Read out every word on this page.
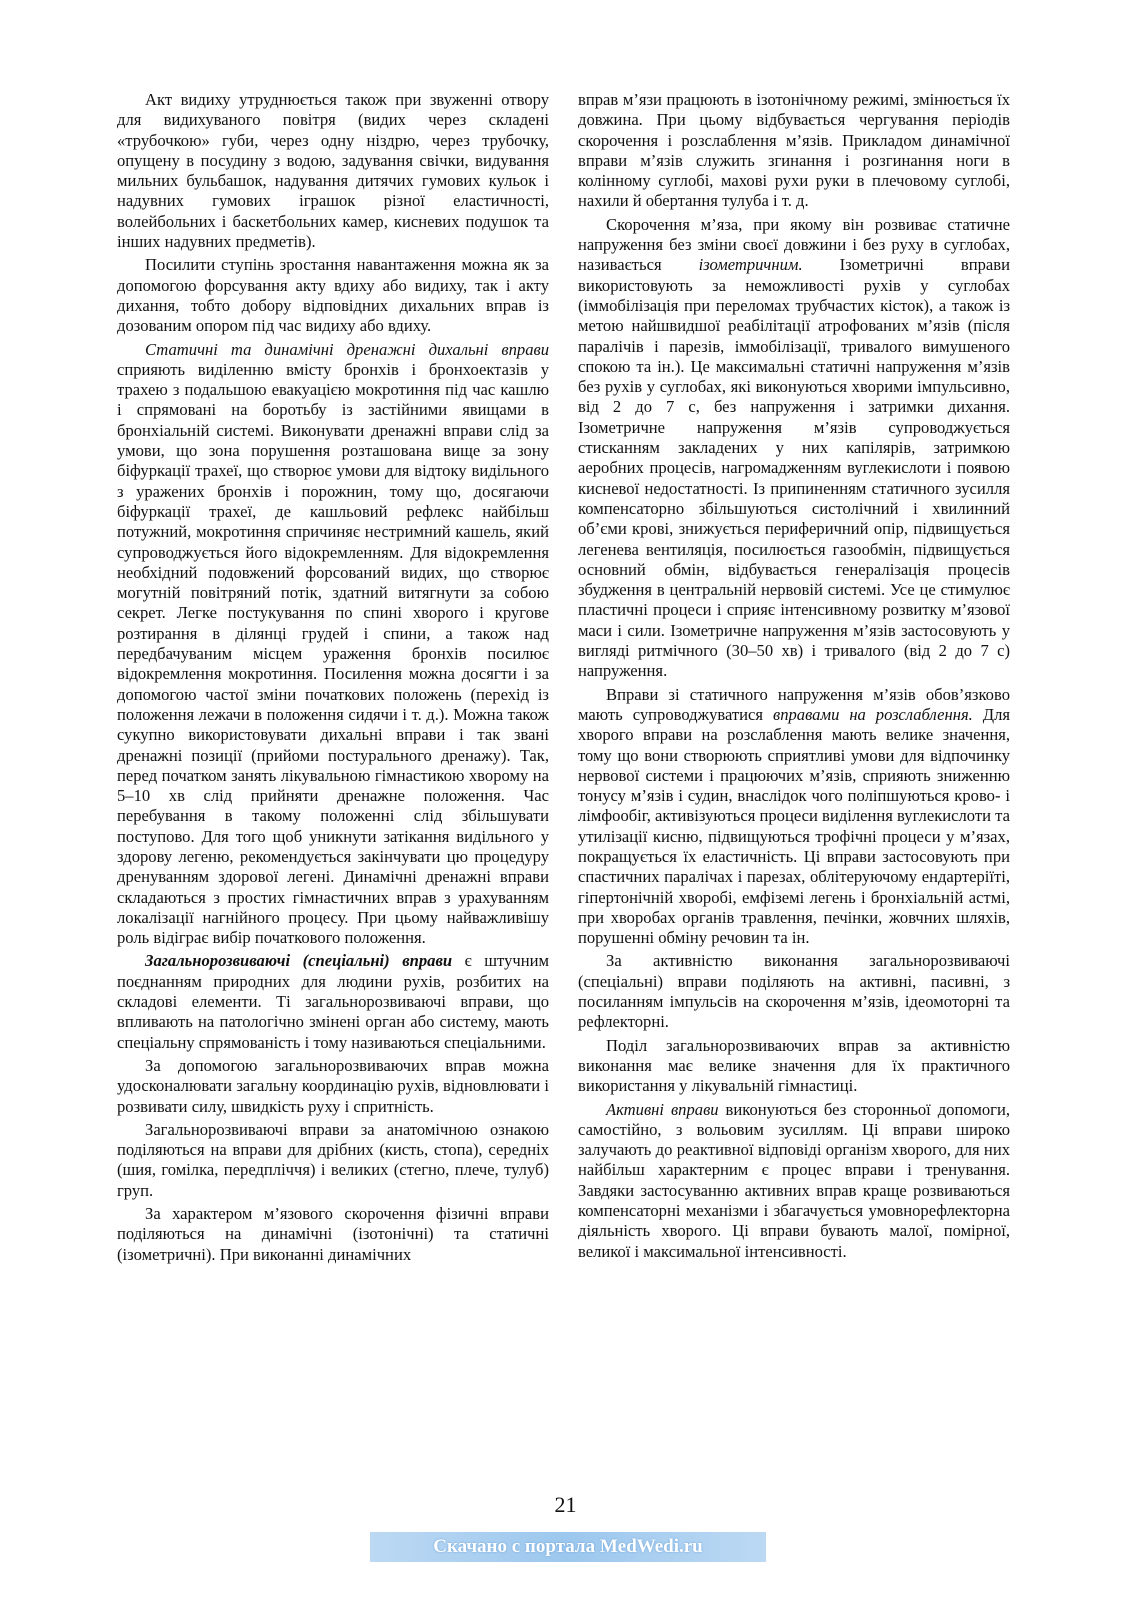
Акт видиху утруднюється також при звуженні отвору для видихуваного повітря (видих через складені «трубочкою» губи, через одну ніздрю, через трубочку, опущену в посудину з водою, задування свічки, видування мильних бульбашок, надування дитячих гумових кульок і надувних гумових іграшок різної еластичності, волейбольних і баскетбольних камер, кисневих подушок та інших надувних предметів).

Посилити ступінь зростання навантаження можна як за допомогою форсування акту вдиху або видиху, так і акту дихання, тобто добору відповідних дихальних вправ із дозованим опором під час видиху або вдиху.

Статичні та динамічні дренажні дихальні вправи сприяють виділенню вмісту бронхів і бронхоектазів у трахею з подальшою евакуацією мокротиння під час кашлю і спрямовані на боротьбу із застійними явищами в бронхіальній системі. Виконувати дренажні вправи слід за умови, що зона порушення розташована вище за зону біфуркації трахеї, що створює умови для відтоку видільного з уражених бронхів і порожнин, тому що, досягаючи біфуркації трахеї, де кашльовий рефлекс найбільш потужний, мокротиння спричиняє нестримний кашель, який супроводжується його відокремленням. Для відокремлення необхідний подовжений форсований видих, що створює могутній повітряний потік, здатний витягнути за собою секрет. Легке постукування по спині хворого і кругове розтирання в ділянці грудей і спини, а також над передбачуваним місцем ураження бронхів посилює відокремлення мокротиння. Посилення можна досягти і за допомогою частої зміни початкових положень (перехід із положення лежачи в положення сидячи і т. д.). Можна також сукупно використовувати дихальні вправи і так звані дренажні позиції (прийоми постурального дренажу). Так, перед початком занять лікувальною гімнастикою хворому на 5–10 хв слід прийняти дренажне положення. Час перебування в такому положенні слід збільшувати поступово. Для того щоб уникнути затікання видільного у здорову легеню, рекомендується закінчувати цю процедуру дренуванням здорової легені. Динамічні дренажні вправи складаються з простих гімнастичних вправ з урахуванням локалізації нагнійного процесу. При цьому найважливішу роль відіграє вибір початкового положення.

Загальнорозвиваючі (спеціальні) вправи є штучним поєднанням природних для людини рухів, розбитих на складові елементи. Ті загальнорозвиваючі вправи, що впливають на патологічно змінені орган або систему, мають спеціальну спрямованість і тому називаються спеціальними.

За допомогою загальнорозвиваючих вправ можна удосконалювати загальну координацію рухів, відновлювати і розвивати силу, швидкість руху і спритність.

Загальнорозвиваючі вправи за анатомічною ознакою поділяються на вправи для дрібних (кисть, стопа), середніх (шия, гомілка, передпліччя) і великих (стегно, плече, тулуб) груп.

За характером м’язового скорочення фізичні вправи поділяються на динамічні (ізотонічні) та статичні (ізометричні). При виконанні динамічних

вправ м’язи працюють в ізотонічному режимі, змінюється їх довжина. При цьому відбувається чергування періодів скорочення і розслаблення м’язів. Прикладом динамічної вправи м’язів служить згинання і розгинання ноги в колінному суглобі, махові рухи руки в плечовому суглобі, нахили й обертання тулуба і т. д.

Скорочення м’яза, при якому він розвиває статичне напруження без зміни своєї довжини і без руху в суглобах, називається ізометричним. Ізометричні вправи використовують за неможливості рухів у суглобах (іммобілізація при переломах трубчастих кісток), а також із метою найшвидшої реабілітації атрофованих м’язів (після паралічів і парезів, іммобілізації, тривалого вимушеного спокою та ін.). Це максимальні статичні напруження м’язів без рухів у суглобах, які виконуються хворими імпульсивно, від 2 до 7 с, без напруження і затримки дихання. Ізометричне напруження м’язів супроводжується стисканням закладених у них капілярів, затримкою аеробних процесів, нагромадженням вуглекислоти і появою кисневої недостатності. Із припиненням статичного зусилля компенсаторно збільшуються систолічний і хвилинний об’єми крові, знижується периферичний опір, підвищується легенева вентиляція, посилюється газообмін, підвищується основний обмін, відбувається генералізація процесів збудження в центральній нервовій системі. Усе це стимулює пластичні процеси і сприяє інтенсивному розвитку м’язової маси і сили. Ізометричне напруження м’язів застосовують у вигляді ритмічного (30–50 хв) і тривалого (від 2 до 7 с) напруження.

Вправи зі статичного напруження м’язів обов’язково мають супроводжуватися вправами на розслаблення. Для хворого вправи на розслаблення мають велике значення, тому що вони створюють сприятливі умови для відпочинку нервової системи і працюючих м’язів, сприяють зниженню тонусу м’язів і судин, внаслідок чого поліпшуються крово- і лімфообіг, активізуються процеси виділення вуглекислоти та утилізації кисню, підвищуються трофічні процеси у м’язах, покращується їх еластичність. Ці вправи застосовують при спастичних паралічах і парезах, облітеруючому ендартеріїті, гіпертонічній хворобі, емфіземі легень і бронхіальній астмі, при хворобах органів травлення, печінки, жовчних шляхів, порушенні обміну речовин та ін.

За активністю виконання загальнорозвиваючі (спеціальні) вправи поділяють на активні, пасивні, з посиланням імпульсів на скорочення м’язів, ідеомоторні та рефлекторні.

Поділ загальнорозвиваючих вправ за активністю виконання має велике значення для їх практичного використання у лікувальній гімнастиці.

Активні вправи виконуються без сторонньої допомоги, самостійно, з вольовим зусиллям. Ці вправи широко залучають до реактивної відповіді організм хворого, для них найбільш характерним є процес вправи і тренування. Завдяки застосуванню активних вправ краще розвиваються компенсаторні механізми і збагачується умовнорефлекторна діяльність хворого. Ці вправи бувають малої, помірної, великої і максимальної інтенсивності.

21
Скачано с портала MedWedi.ru
